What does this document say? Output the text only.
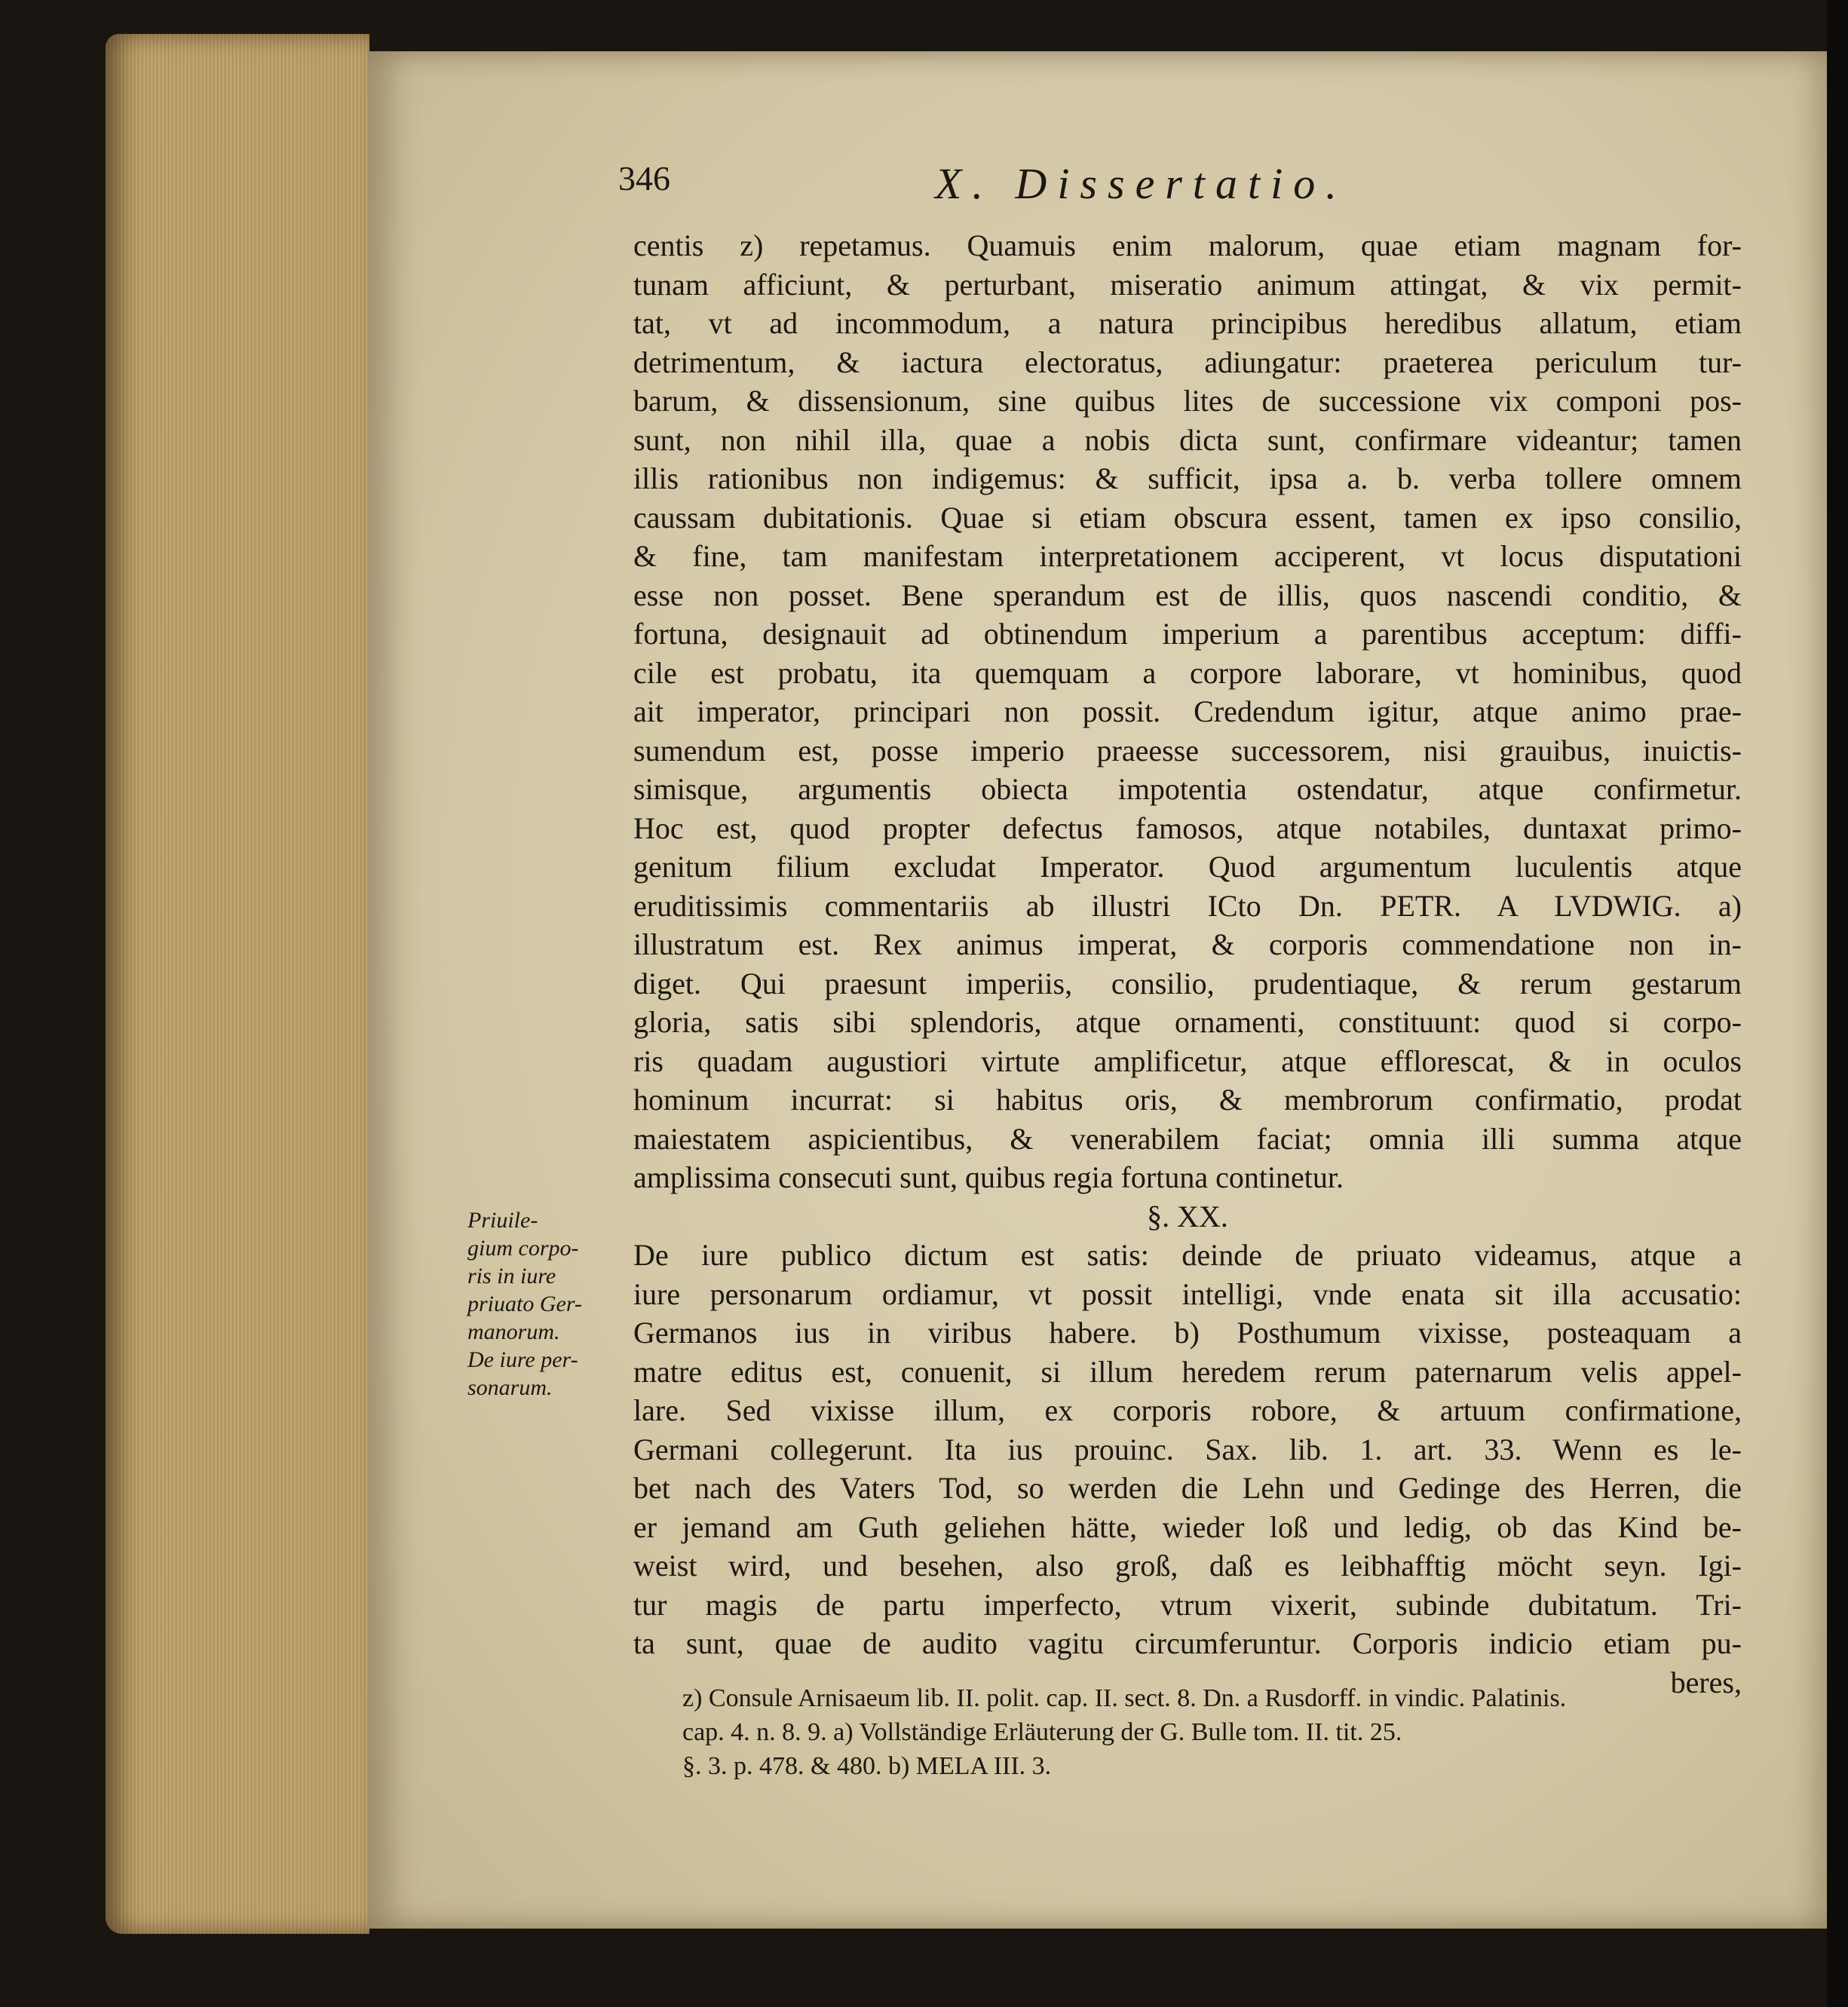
346	X. Dissertatio.
centis z) repetamus. Quamuis enim malorum, quae etiam magnam for-
tunam afficiunt, & perturbant, miseratio animum attingat, & vix permit-
tat, vt ad incommodum, a natura principibus heredibus allatum, etiam
detrimentum, & iactura electoratus, adiungatur: praeterea periculum tur-
barum, & dissensionum, sine quibus lites de successione vix componi pos-
sunt, non nihil illa, quae a nobis dicta sunt, confirmare videantur; tamen
illis rationibus non indigemus: & sufficit, ipsa a. b. verba tollere omnem
caussam dubitationis. Quae si etiam obscura essent, tamen ex ipso consilio,
& fine, tam manifestam interpretationem acciperent, vt locus disputationi
esse non posset. Bene sperandum est de illis, quos nascendi conditio, &
fortuna, designauit ad obtinendum imperium a parentibus acceptum: diffi-
cile est probatu, ita quemquam a corpore laborare, vt hominibus, quod
ait imperator, principari non possit. Credendum igitur, atque animo prae-
sumendum est, posse imperio praeesse successorem, nisi grauibus, inuictis-
simisque, argumentis obiecta impotentia ostendatur, atque confirmetur.
Hoc est, quod propter defectus famosos, atque notabiles, duntaxat primo-
genitum filium excludat Imperator. Quod argumentum luculentis atque
eruditissimis commentariis ab illustri ICto Dn. PETR. A LVDWIG. a)
illustratum est. Rex animus imperat, & corporis commendatione non in-
diget. Qui praesunt imperiis, consilio, prudentiaque, & rerum gestarum
gloria, satis sibi splendoris, atque ornamenti, constituunt: quod si corpo-
ris quadam augustiori virtute amplificetur, atque efflorescat, & in oculos
hominum incurrat: si habitus oris, & membrorum confirmatio, prodat
maiestatem aspicientibus, & venerabilem faciat; omnia illi summa atque
amplissima consecuti sunt, quibus regia fortuna continetur.
§. XX.
De iure publico dictum est satis: deinde de priuato videamus, atque a
iure personarum ordiamur, vt possit intelligi, vnde enata sit illa accusatio:
Germanos ius in viribus habere. b) Posthumum vixisse, posteaquam a
matre editus est, conuenit, si illum heredem rerum paternarum velis appel-
lare. Sed vixisse illum, ex corporis robore, & artuum confirmatione,
Germani collegerunt. Ita ius prouinc. Sax. lib. 1. art. 33. Wenn es le-
bet nach des Vaters Tod, so werden die Lehn und Gedinge des Herren, die
er jemand am Guth geliehen hätte, wieder loß und ledig, ob das Kind be-
weist wird, und besehen, also groß, daß es leibhafftig möcht seyn. Igi-
tur magis de partu imperfecto, vtrum vixerit, subinde dubitatum. Tri-
ta sunt, quae de audito vagitu circumferuntur. Corporis indicio etiam pu-
beres,
Priuile-
gium corpo-
ris in iure
priuato Ger-
manorum.
De iure per-
sonarum.
z) Consule Arnisaeum lib. II. polit. cap. II. sect. 8. Dn. a Rusdorff. in vindic. Palatinis.
cap. 4. n. 8. 9. a) Vollständige Erläuterung der G. Bulle tom. II. tit. 25.
§. 3. p. 478. & 480. b) MELA III. 3.
